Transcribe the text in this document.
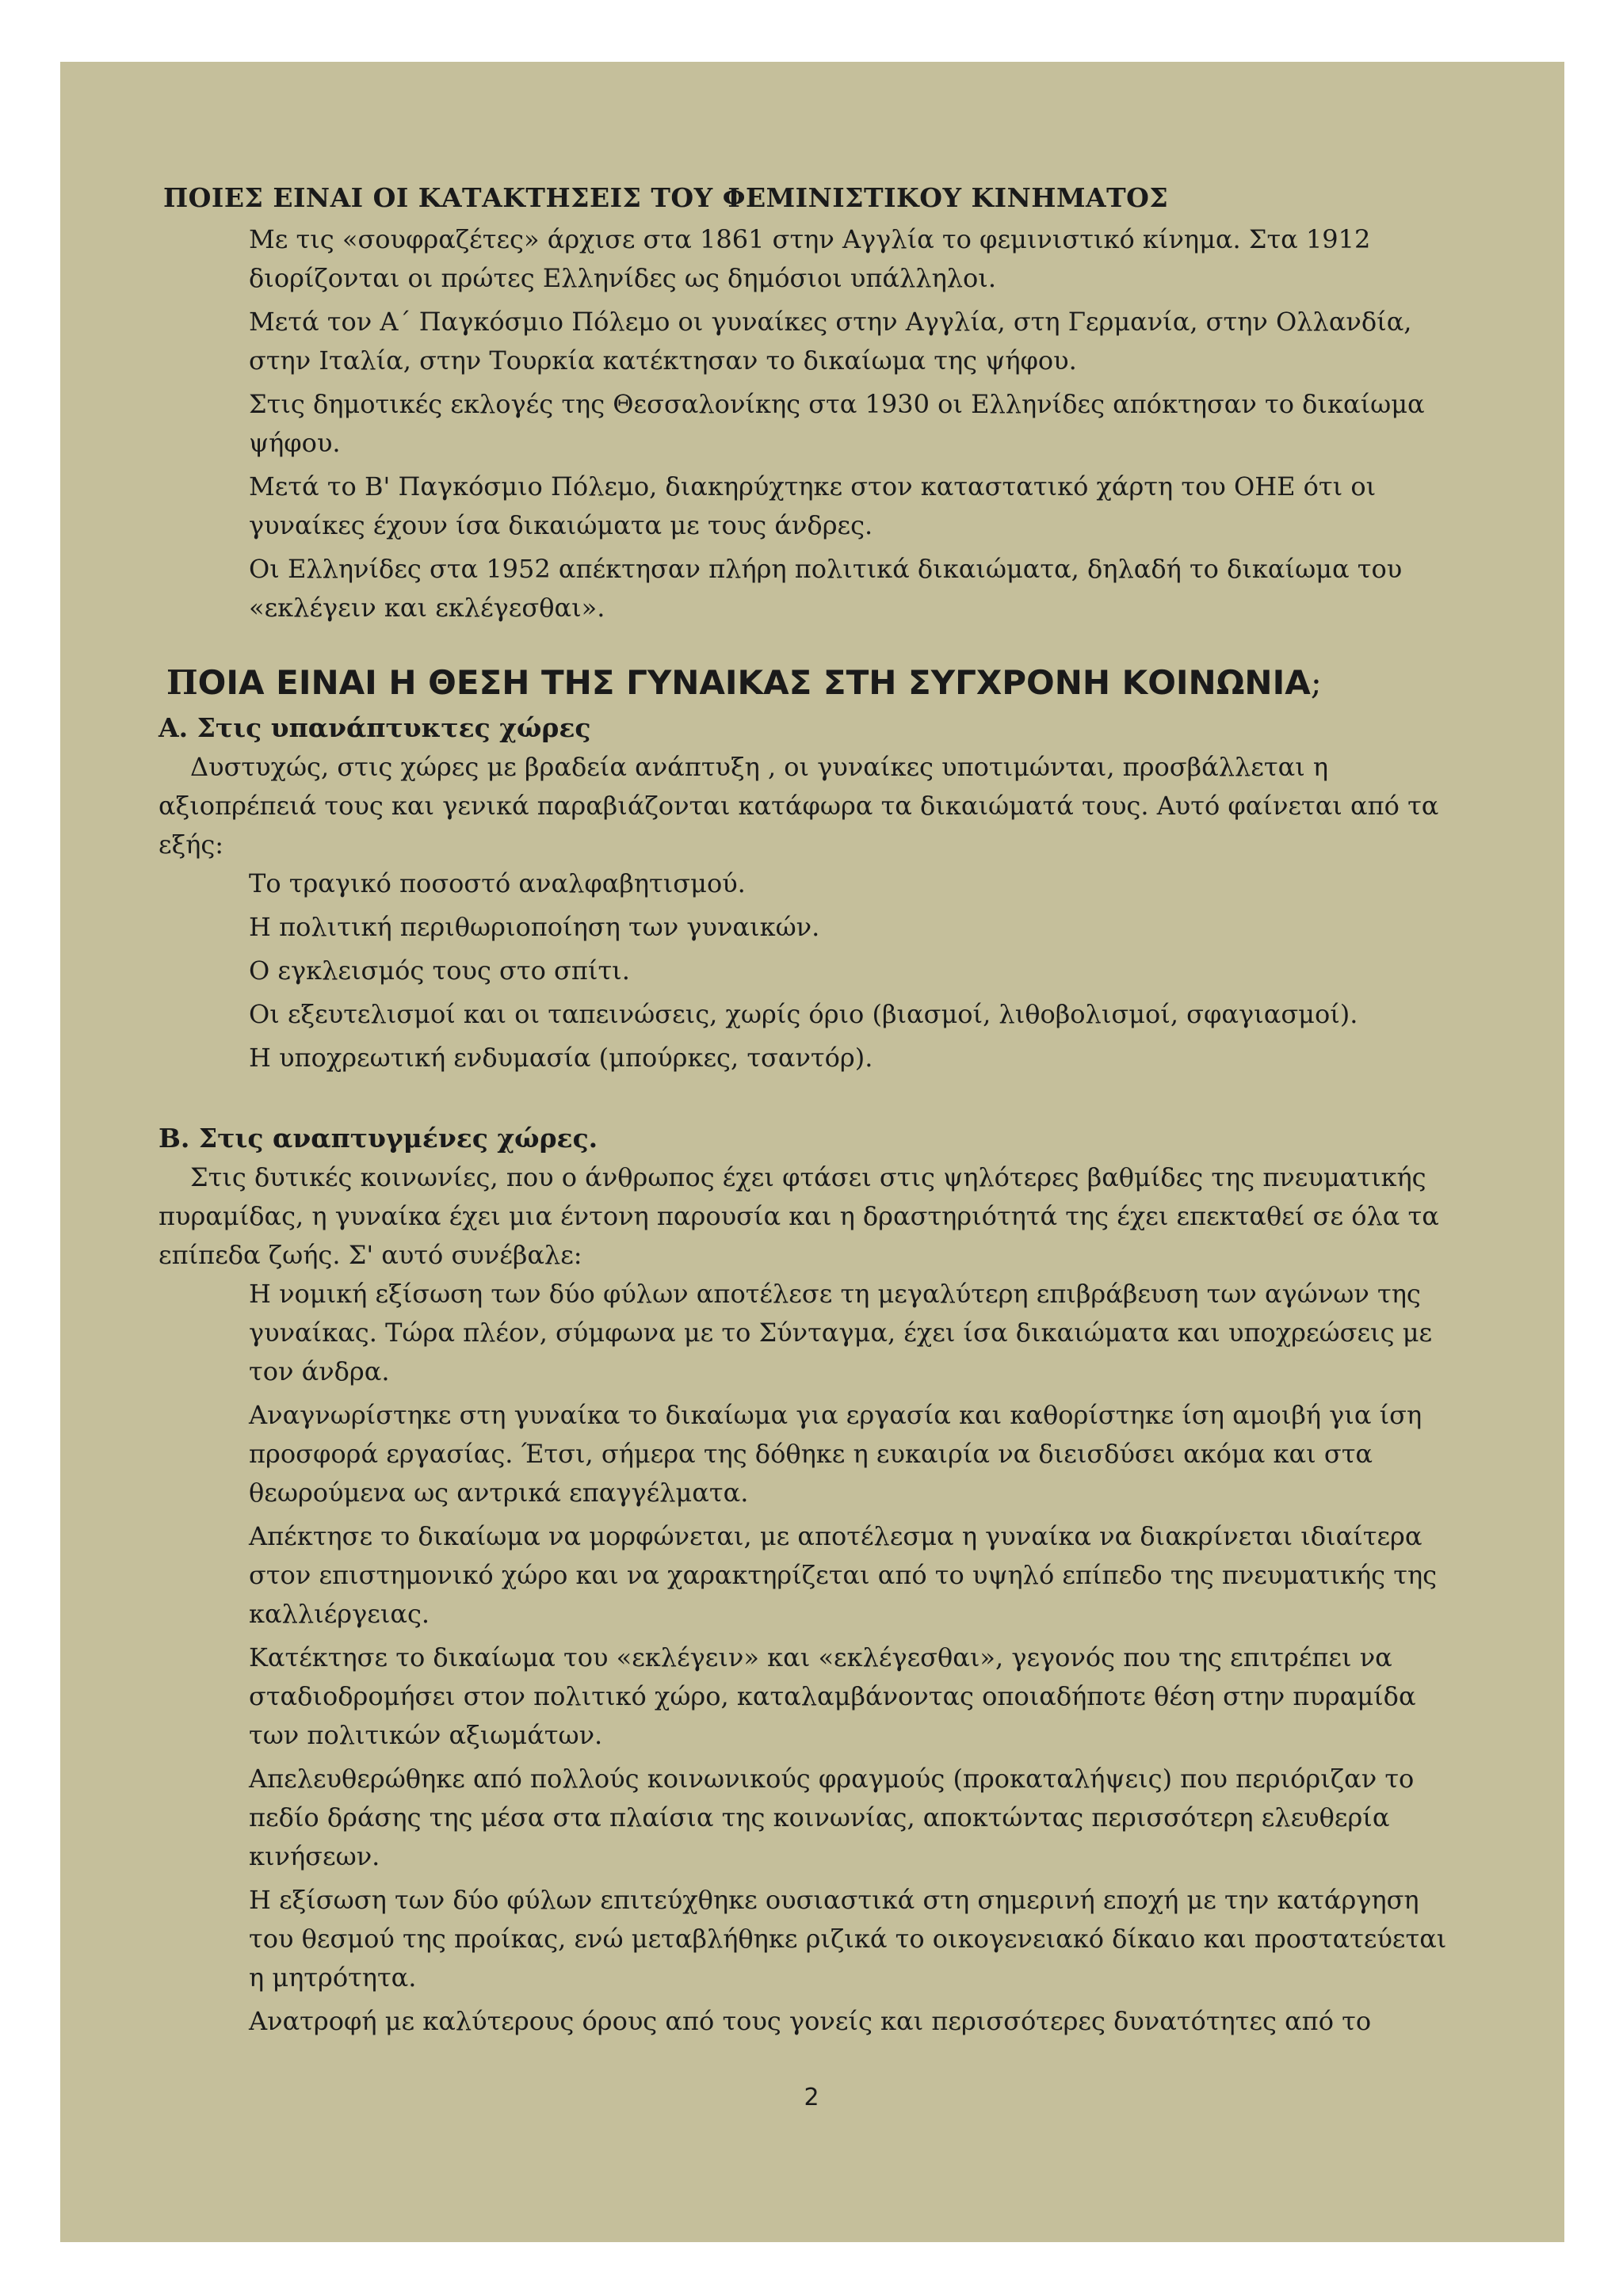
ΠΟΙΕΣ ΕΙΝΑΙ ΟΙ ΚΑΤΑΚΤΗΣΕΙΣ ΤΟΥ ΦΕΜΙΝΙΣΤΙΚΟΥ ΚΙΝΗΜΑΤΟΣ
Με τις «σουφραζέτες» άρχισε στα 1861 στην Αγγλία το φεμινιστικό κίνημα. Στα 1912 διορίζονται οι πρώτες Ελληνίδες ως δημόσιοι υπάλληλοι.
Μετά τον Α΄ Παγκόσμιο Πόλεμο οι γυναίκες στην Αγγλία, στη Γερμανία, στην Ολλανδία, στην Ιταλία, στην Τουρκία κατέκτησαν το δικαίωμα της ψήφου.
Στις δημοτικές εκλογές της Θεσσαλονίκης στα 1930 οι Ελληνίδες απόκτησαν το δικαίωμα ψήφου.
Μετά το Β' Παγκόσμιο Πόλεμο, διακηρύχτηκε στον καταστατικό χάρτη του ΟΗΕ ότι οι γυναίκες έχουν ίσα δικαιώματα με τους άνδρες.
Οι Ελληνίδες στα 1952 απέκτησαν πλήρη πολιτικά δικαιώματα, δηλαδή το δικαίωμα του «εκλέγειν και εκλέγεσθαι».
ΠΟΙΑ ΕΙΝΑΙ Η ΘΕΣΗ ΤΗΣ ΓΥΝΑΙΚΑΣ ΣΤΗ ΣΥΓΧΡΟΝΗ ΚΟΙΝΩΝΙΑ;
Α. Στις υπανάπτυκτες χώρες

Δυστυχώς, στις χώρες με βραδεία ανάπτυξη , οι γυναίκες υποτιμώνται, προσβάλλεται η αξιοπρέπειά τους και γενικά παραβιάζονται κατάφωρα τα δικαιώματά τους. Αυτό φαίνεται από τα εξής:

Το τραγικό ποσοστό αναλφαβητισμού.
Η πολιτική περιθωριοποίηση των γυναικών.
Ο εγκλεισμός τους στο σπίτι.
Οι εξευτελισμοί και οι ταπεινώσεις, χωρίς όριο (βιασμοί, λιθοβολισμοί, σφαγιασμοί).
Η υποχρεωτική ενδυμασία (μπούρκες, τσαντόρ).
Β. Στις αναπτυγμένες χώρες.

Στις δυτικές κοινωνίες, που ο άνθρωπος έχει φτάσει στις ψηλότερες βαθμίδες της πνευματικής πυραμίδας, η γυναίκα έχει μια έντονη παρουσία και η δραστηριότητά της έχει επεκταθεί σε όλα τα επίπεδα ζωής. Σ' αυτό συνέβαλε:

Η νομική εξίσωση των δύο φύλων αποτέλεσε τη μεγαλύτερη επιβράβευση των αγώνων της γυναίκας. Τώρα πλέον, σύμφωνα με το Σύνταγμα, έχει ίσα δικαιώματα και υποχρεώσεις με τον άνδρα.
Αναγνωρίστηκε στη γυναίκα το δικαίωμα για εργασία και καθορίστηκε ίση αμοιβή για ίση προσφορά εργασίας. Έτσι, σήμερα της δόθηκε η ευκαιρία να διεισδύσει ακόμα και στα θεωρούμενα ως αντρικά επαγγέλματα.
Απέκτησε το δικαίωμα να μορφώνεται, με αποτέλεσμα η γυναίκα να διακρίνεται ιδιαίτερα στον επιστημονικό χώρο και να χαρακτηρίζεται από το υψηλό επίπεδο της πνευματικής της καλλιέργειας.
Κατέκτησε το δικαίωμα του «εκλέγειν» και «εκλέγεσθαι», γεγονός που της επιτρέπει να σταδιοδρομήσει στον πολιτικό χώρο, καταλαμβάνοντας οποιαδήποτε θέση στην πυραμίδα των πολιτικών αξιωμάτων.
Απελευθερώθηκε από πολλούς κοινωνικούς φραγμούς (προκαταλήψεις) που περιόριζαν το πεδίο δράσης της μέσα στα πλαίσια της κοινωνίας, αποκτώντας περισσότερη ελευθερία κινήσεων.
Η εξίσωση των δύο φύλων επιτεύχθηκε ουσιαστικά στη σημερινή εποχή με την κατάργηση του θεσμού της προίκας, ενώ μεταβλήθηκε ριζικά το οικογενειακό δίκαιο και προστατεύεται η μητρότητα.
Ανατροφή με καλύτερους όρους από τους γονείς και περισσότερες δυνατότητες από το
2
